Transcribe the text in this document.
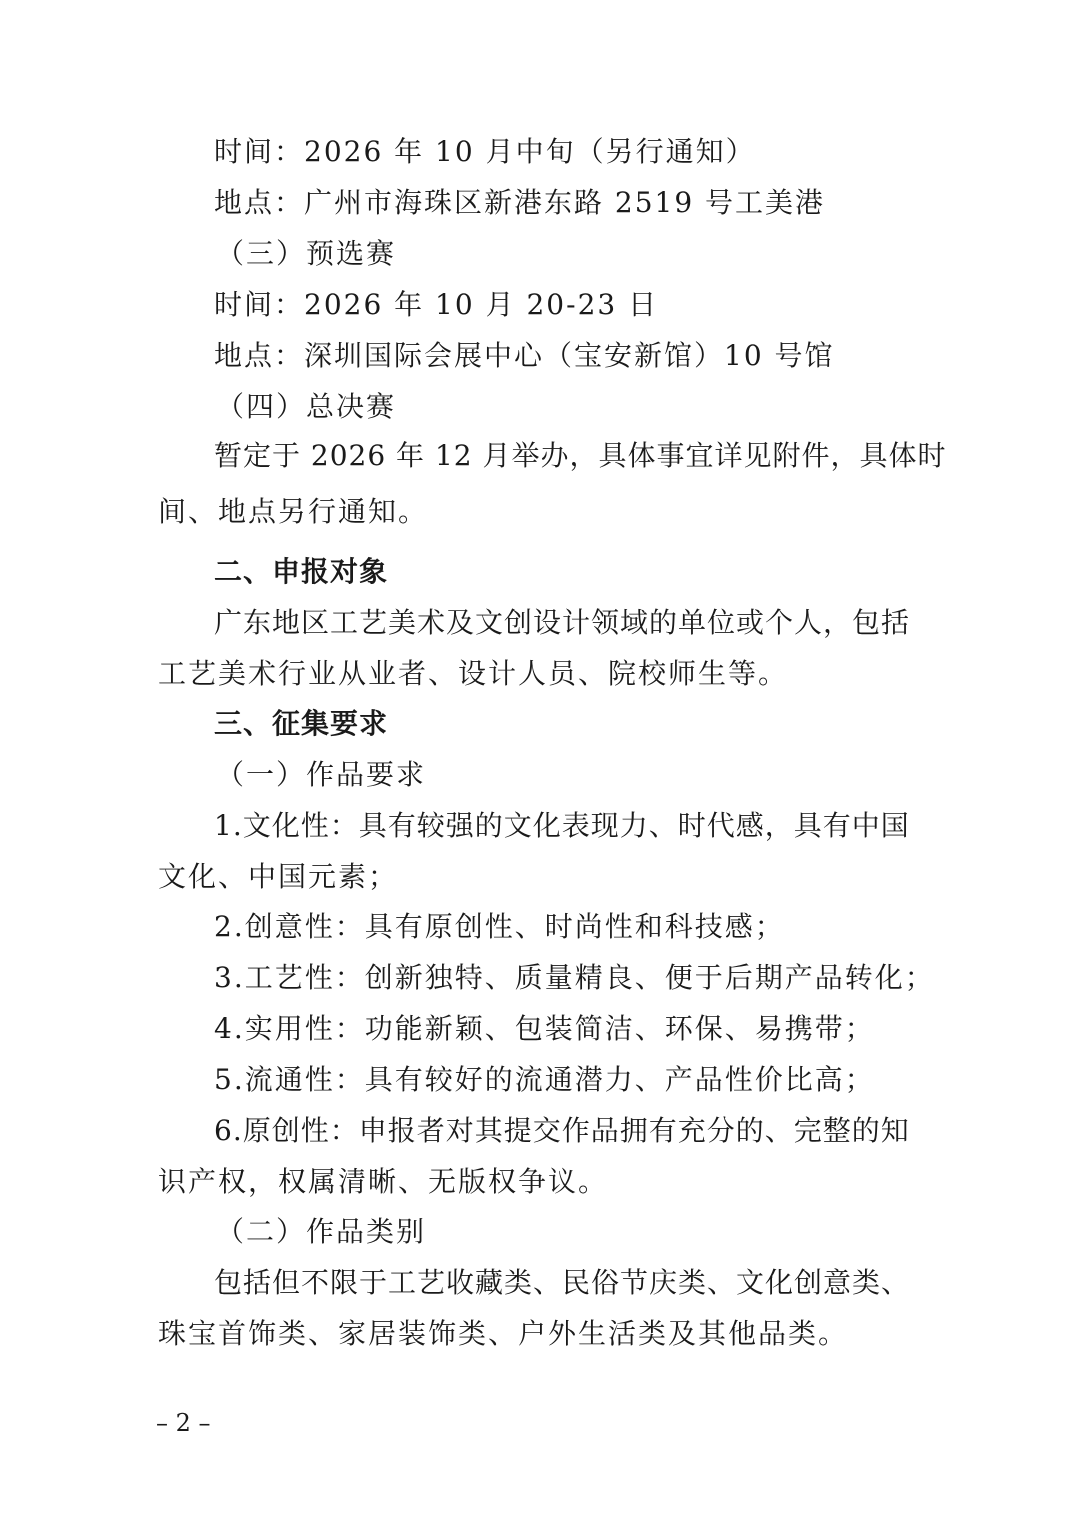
时间：2026 年 10 月中旬（另行通知）
地点：广州市海珠区新港东路 2519 号工美港
（三）预选赛
时间：2026 年 10 月 20-23 日
地点：深圳国际会展中心（宝安新馆）10 号馆
（四）总决赛
暂定于 2026 年 12 月举办，具体事宜详见附件，具体时
间、地点另行通知。
二、申报对象
广东地区工艺美术及文创设计领域的单位或个人，包括
工艺美术行业从业者、设计人员、院校师生等。
三、征集要求
（一）作品要求
1.文化性：具有较强的文化表现力、时代感，具有中国
文化、中国元素；
2.创意性：具有原创性、时尚性和科技感；
3.工艺性：创新独特、质量精良、便于后期产品转化；
4.实用性：功能新颖、包装简洁、环保、易携带；
5.流通性：具有较好的流通潜力、产品性价比高；
6.原创性：申报者对其提交作品拥有充分的、完整的知
识产权，权属清晰、无版权争议。
（二）作品类别
包括但不限于工艺收藏类、民俗节庆类、文化创意类、
珠宝首饰类、家居装饰类、户外生活类及其他品类。
– 2 –
